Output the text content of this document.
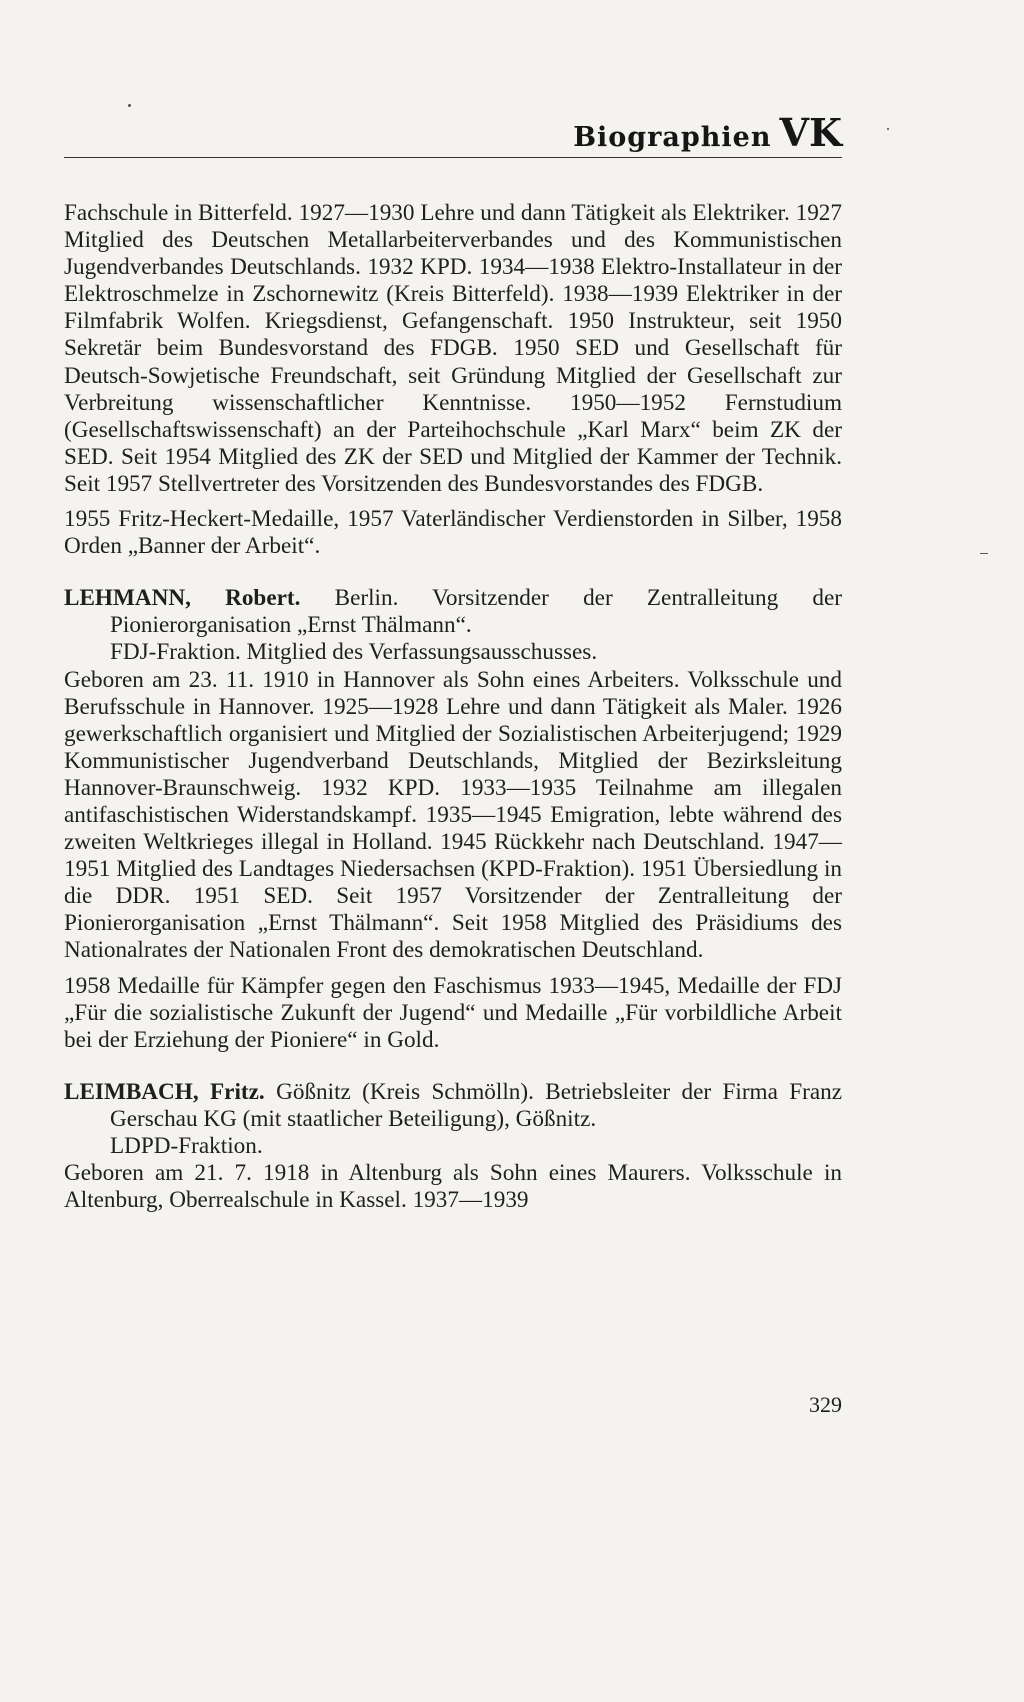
Biographien VK

Fachschule in Bitterfeld. 1927—1930 Lehre und dann Tätigkeit als Elektriker. 1927 Mitglied des Deutschen Metallarbeiterverbandes und des Kommunistischen Jugendverbandes Deutschlands. 1932 KPD. 1934—1938 Elektro-Installateur in der Elektroschmelze in Zschornewitz (Kreis Bitterfeld). 1938—1939 Elektriker in der Filmfabrik Wolfen. Kriegsdienst, Gefangenschaft. 1950 Instrukteur, seit 1950 Sekretär beim Bundesvorstand des FDGB. 1950 SED und Gesellschaft für Deutsch-Sowjetische Freundschaft, seit Gründung Mitglied der Gesellschaft zur Verbreitung wissenschaftlicher Kenntnisse. 1950—1952 Fernstudium (Gesellschaftswissenschaft) an der Parteihochschule „Karl Marx“ beim ZK der SED. Seit 1954 Mitglied des ZK der SED und Mitglied der Kammer der Technik. Seit 1957 Stellvertreter des Vorsitzenden des Bundesvorstandes des FDGB.

1955 Fritz-Heckert-Medaille, 1957 Vaterländischer Verdienstorden in Silber, 1958 Orden „Banner der Arbeit“.

LEHMANN, Robert. Berlin. Vorsitzender der Zentralleitung der Pionierorganisation „Ernst Thälmann“.

FDJ-Fraktion. Mitglied des Verfassungsausschusses.

Geboren am 23. 11. 1910 in Hannover als Sohn eines Arbeiters. Volksschule und Berufsschule in Hannover. 1925—1928 Lehre und dann Tätigkeit als Maler. 1926 gewerkschaftlich organisiert und Mitglied der Sozialistischen Arbeiterjugend; 1929 Kommunistischer Jugendverband Deutschlands, Mitglied der Bezirksleitung Hannover-Braunschweig. 1932 KPD. 1933—1935 Teilnahme am illegalen antifaschistischen Widerstandskampf. 1935—1945 Emigration, lebte während des zweiten Weltkrieges illegal in Holland. 1945 Rückkehr nach Deutschland. 1947—1951 Mitglied des Landtages Niedersachsen (KPD-Fraktion). 1951 Übersiedlung in die DDR. 1951 SED. Seit 1957 Vorsitzender der Zentralleitung der Pionierorganisation „Ernst Thälmann“. Seit 1958 Mitglied des Präsidiums des Nationalrates der Nationalen Front des demokratischen Deutschland.

1958 Medaille für Kämpfer gegen den Faschismus 1933—1945, Medaille der FDJ „Für die sozialistische Zukunft der Jugend“ und Medaille „Für vorbildliche Arbeit bei der Erziehung der Pioniere“ in Gold.

LEIMBACH, Fritz. Gößnitz (Kreis Schmölln). Betriebsleiter der Firma Franz Gerschau KG (mit staatlicher Beteiligung), Gößnitz.

LDPD-Fraktion.

Geboren am 21. 7. 1918 in Altenburg als Sohn eines Maurers. Volksschule in Altenburg, Oberrealschule in Kassel. 1937—1939

329
